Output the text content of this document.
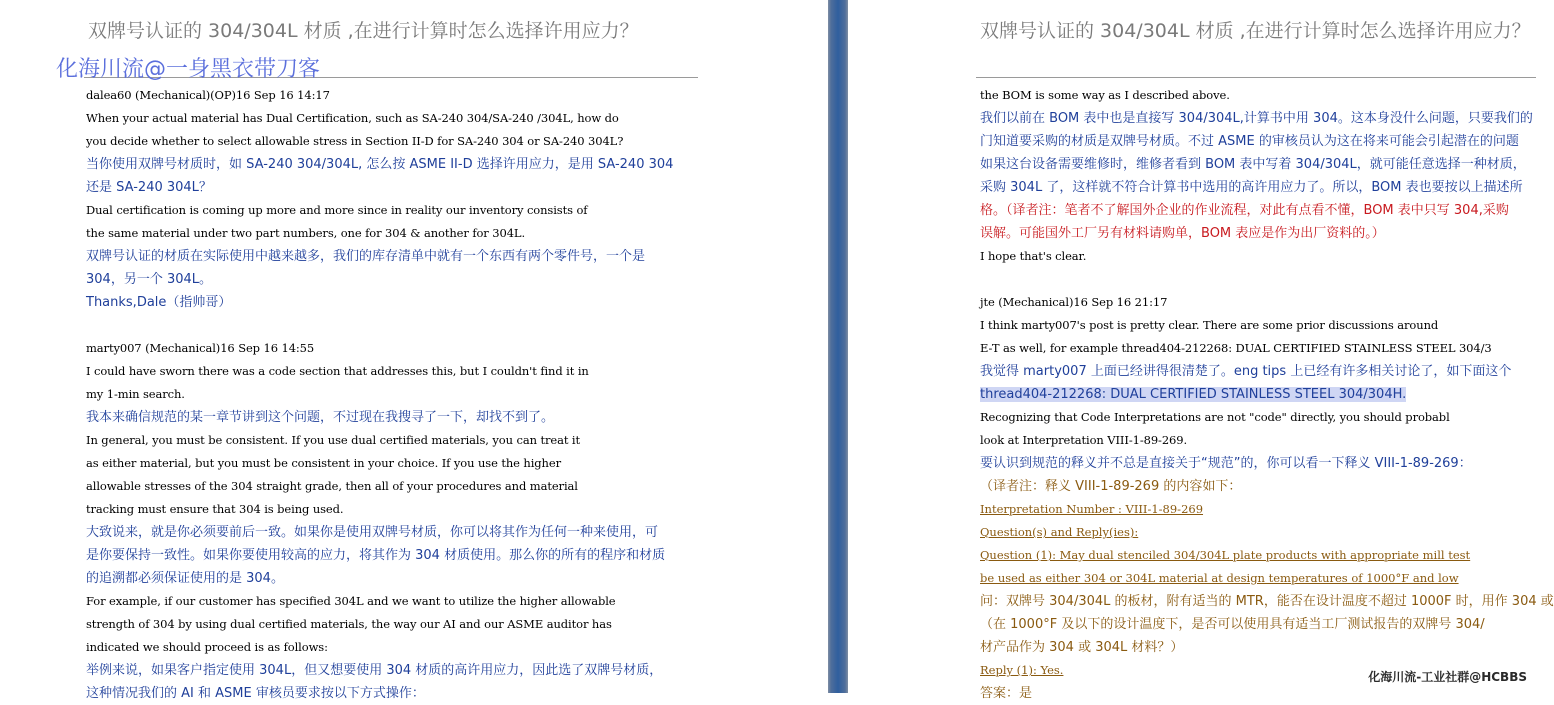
双牌号认证的 304/304L 材质 ,在进行计算时怎么选择许用应力？
dalea60 (Mechanical)(OP)16 Sep 16 14:17
When your actual material has Dual Certification, such as SA-240 304/SA-240 /304L, how do
you decide whether to select allowable stress in Section II-D for SA-240 304 or SA-240 304L?
当你使用双牌号材质时，如 SA-240 304/304L, 怎么按 ASME II-D 选择许用应力，是用 SA-240 304
还是 SA-240 304L？
Dual certification is coming up more and more since in reality our inventory consists of
the same material under two part numbers, one for 304 & another for 304L.
双牌号认证的材质在实际使用中越来越多，我们的库存清单中就有一个东西有两个零件号，一个是
304，另一个 304L。
Thanks,Dale（指帅哥）
marty007 (Mechanical)16 Sep 16 14:55
I could have sworn there was a code section that addresses this, but I couldn't find it in
my 1-min search.
我本来确信规范的某一章节讲到这个问题，不过现在我搜寻了一下，却找不到了。
In general, you must be consistent. If you use dual certified materials, you can treat it
as either material, but you must be consistent in your choice. If you use the higher
allowable stresses of the 304 straight grade, then all of your procedures and material
tracking must ensure that 304 is being used.
大致说来，就是你必须要前后一致。如果你是使用双牌号材质，你可以将其作为任何一种来使用，可
是你要保持一致性。如果你要使用较高的应力，将其作为 304 材质使用。那么你的所有的程序和材质
的追溯都必须保证使用的是 304。
For example, if our customer has specified 304L and we want to utilize the higher allowable
strength of 304 by using dual certified materials, the way our AI and our ASME auditor has
indicated we should proceed is as follows:
举例来说，如果客户指定使用 304L，但又想要使用 304 材质的高许用应力，因此选了双牌号材质，
这种情况我们的 AI 和 ASME 审核员要求按以下方式操作：
化海川流@一身黑衣带刀客
双牌号认证的 304/304L 材质 ,在进行计算时怎么选择许用应力？
the BOM is some way as I described above.
我们以前在 BOM 表中也是直接写 304/304L,计算书中用 304。这本身没什么问题，只要我们的
门知道要采购的材质是双牌号材质。不过 ASME 的审核员认为这在将来可能会引起潜在的问题
如果这台设备需要维修时，维修者看到 BOM 表中写着 304/304L，就可能任意选择一种材质，
采购 304L 了，这样就不符合计算书中选用的高许用应力了。所以，BOM 表也要按以上描述所
格。（译者注：笔者不了解国外企业的作业流程，对此有点看不懂，BOM 表中只写 304,采购
误解。可能国外工厂另有材料请购单，BOM 表应是作为出厂资料的。）
I hope that's clear.
jte (Mechanical)16 Sep 16 21:17
I think marty007's post is pretty clear. There are some prior discussions around
E-T as well, for example thread404-212268: DUAL CERTIFIED STAINLESS STEEL 304/3
我觉得 marty007 上面已经讲得很清楚了。eng tips 上已经有许多相关讨论了，如下面这个
thread404-212268: DUAL CERTIFIED STAINLESS STEEL 304/304H.
Recognizing that Code Interpretations are not "code" directly, you should probabl
look at Interpretation VIII-1-89-269.
要认识到规范的释义并不总是直接关于“规范”的，你可以看一下释义 VIII-1-89-269：
（译者注：释义 VIII-1-89-269 的内容如下：
Interpretation Number : VIII-1-89-269
Question(s) and Reply(ies):
Question (1): May dual stenciled 304/304L plate products with appropriate mill test
be used as either 304 or 304L material at design temperatures of 1000°F and low
问：双牌号 304/304L 的板材，附有适当的 MTR，能否在设计温度不超过 1000F 时，用作 304 或
（在 1000°F 及以下的设计温度下，是否可以使用具有适当工厂测试报告的双牌号 304/
材产品作为 304 或 304L 材料？）
Reply (1): Yes.
答案：是
化海川流-工业社群@HCBBS
